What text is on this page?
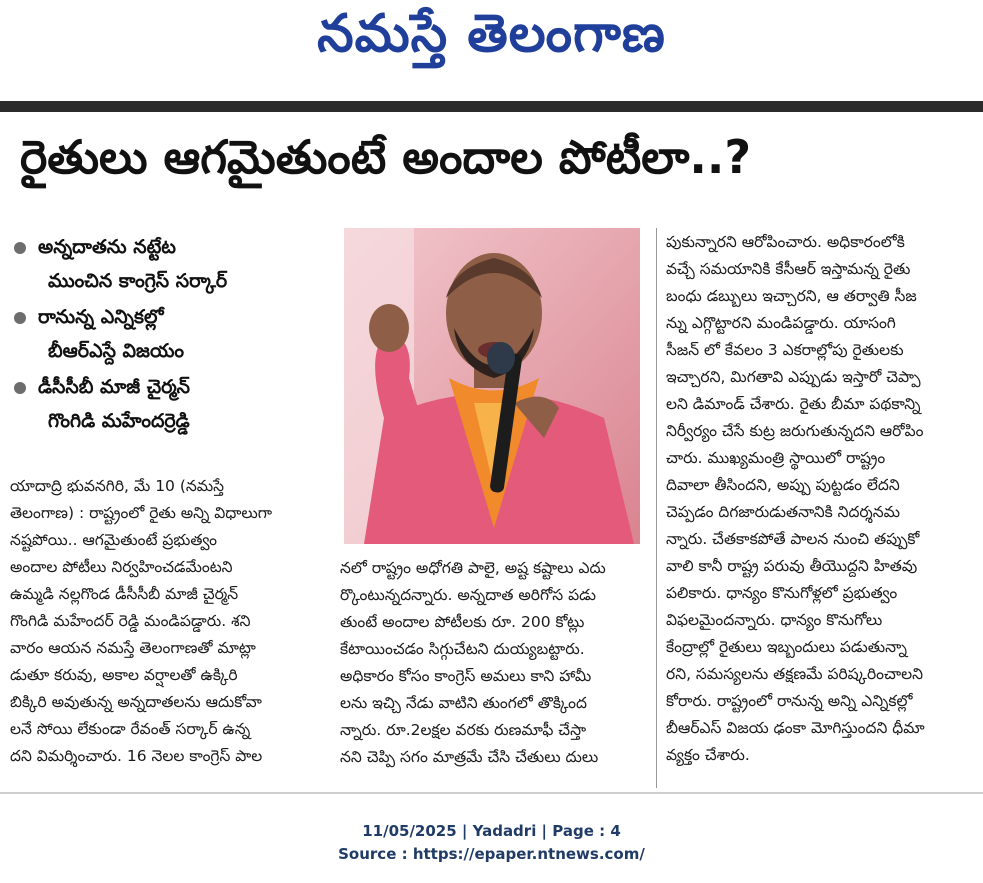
నమస్తే తెలంగాణ
రైతులు ఆగమైతుంటే అందాల పోటీలా..?
అన్నదాతను నట్టేట
ముంచిన కాంగ్రెస్ సర్కార్
రానున్న ఎన్నికల్లో
బీఆర్ఎస్దే విజయం
డీసీసీబీ మాజీ చైర్మన్
గొంగిడి మహేందర్రెడ్డి

యాదాద్రి భువనగిరి, మే 10 (నమస్తే

తెలంగాణ) : రాష్ట్రంలో రైతు అన్ని విధాలుగా

నష్టపోయి.. ఆగమైతుంటే ప్రభుత్వం

అందాల పోటీలు నిర్వహించడమేంటని

ఉమ్మడి నల్లగొండ డీసీసీబీ మాజీ చైర్మన్

గొంగిడి మహేందర్ రెడ్డి మండిపడ్డారు. శని

వారం ఆయన నమస్తే తెలంగాణతో మాట్లా

డుతూ కరువు, అకాల వర్షాలతో ఉక్కిరి

బిక్కిరి అవుతున్న అన్నదాతలను ఆదుకోవా

లనే సోయి లేకుండా రేవంత్ సర్కార్ ఉన్న

దని విమర్శించారు. 16 నెలల కాంగ్రెస్ పాల

నలో రాష్ట్రం అధోగతి పాలై, అష్ట కష్టాలు ఎదు

ర్కొంటున్నదన్నారు. అన్నదాత అరిగోస పడు

తుంటే అందాల పోటీలకు రూ. 200 కోట్లు

కేటాయించడం సిగ్గుచేటని దుయ్యబట్టారు.

అధికారం కోసం కాంగ్రెస్ అమలు కాని హామీ

లను ఇచ్చి నేడు వాటిని తుంగలో తొక్కింద

న్నారు. రూ.2లక్షల వరకు రుణమాఫీ చేస్తా

నని చెప్పి సగం మాత్రమే చేసి చేతులు దులు

పుకున్నారని ఆరోపించారు. అధికారంలోకి

వచ్చే సమయానికి కేసీఆర్ ఇస్తామన్న రైతు

బంధు డబ్బులు ఇచ్చారని, ఆ తర్వాతి సీజ

న్ను ఎగ్గొట్టారని మండిపడ్డారు. యాసంగి

సీజన్ లో కేవలం 3 ఎకరాల్లోపు రైతులకు

ఇచ్చారని, మిగతావి ఎప్పుడు ఇస్తారో చెప్పా

లని డిమాండ్ చేశారు. రైతు బీమా పథకాన్ని

నిర్వీర్యం చేసే కుట్ర జరుగుతున్నదని ఆరోపిం

చారు. ముఖ్యమంత్రి స్థాయిలో రాష్ట్రం

దివాలా తీసిందని, అప్పు పుట్టడం లేదని

చెప్పడం దిగజారుడుతనానికి నిదర్శనమ

న్నారు. చేతకాకపోతే పాలన నుంచి తప్పుకో

వాలి కానీ రాష్ట్ర పరువు తీయొద్దని హితవు

పలికారు. ధాన్యం కొనుగోళ్లలో ప్రభుత్వం

విఫలమైందన్నారు. ధాన్యం కొనుగోలు

కేంద్రాల్లో రైతులు ఇబ్బందులు పడుతున్నా

రని, సమస్యలను తక్షణమే పరిష్కరించాలని

కోరారు. రాష్ట్రంలో రానున్న అన్ని ఎన్నికల్లో

బీఆర్ఎస్ విజయ ఢంకా మోగిస్తుందని ధీమా

వ్యక్తం చేశారు.

11/05/2025 | Yadadri | Page : 4
Source : https://epaper.ntnews.com/
